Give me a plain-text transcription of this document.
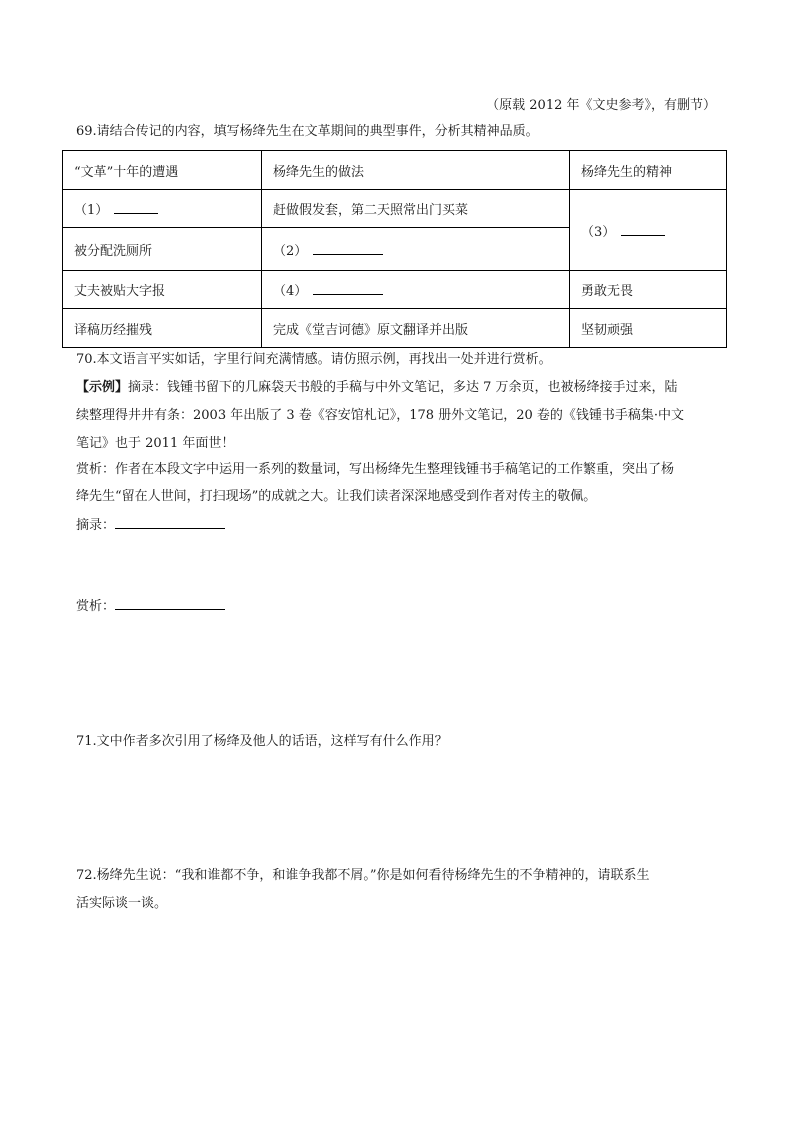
（原载 2012 年《文史参考》，有删节）
69.请结合传记的内容，填写杨绛先生在文革期间的典型事件，分析其精神品质。
“文革”十年的遭遇	杨绛先生的做法	杨绛先生的精神
（1）	赶做假发套，第二天照常出门买菜	（3）
被分配洗厕所	（2）	
丈夫被贴大字报	（4）	勇敢无畏
译稿历经摧残	完成《堂吉诃德》原文翻译并出版	坚韧顽强
70.本文语言平实如话，字里行间充满情感。请仿照示例，再找出一处并进行赏析。
【示例】摘录：钱锺书留下的几麻袋天书般的手稿与中外文笔记，多达 7 万余页，也被杨绛接手过来，陆
续整理得井井有条：2003 年出版了 3 卷《容安馆札记》，178 册外文笔记，20 卷的《钱锺书手稿集·中文
笔记》也于 2011 年面世！
赏析：作者在本段文字中运用一系列的数量词，写出杨绛先生整理钱锺书手稿笔记的工作繁重，突出了杨
绛先生“留在人世间，打扫现场”的成就之大。让我们读者深深地感受到作者对传主的敬佩。
摘录：
赏析：
71.文中作者多次引用了杨绛及他人的话语，这样写有什么作用？
72.杨绛先生说：“我和谁都不争，和谁争我都不屑。”你是如何看待杨绛先生的不争精神的，请联系生
活实际谈一谈。
